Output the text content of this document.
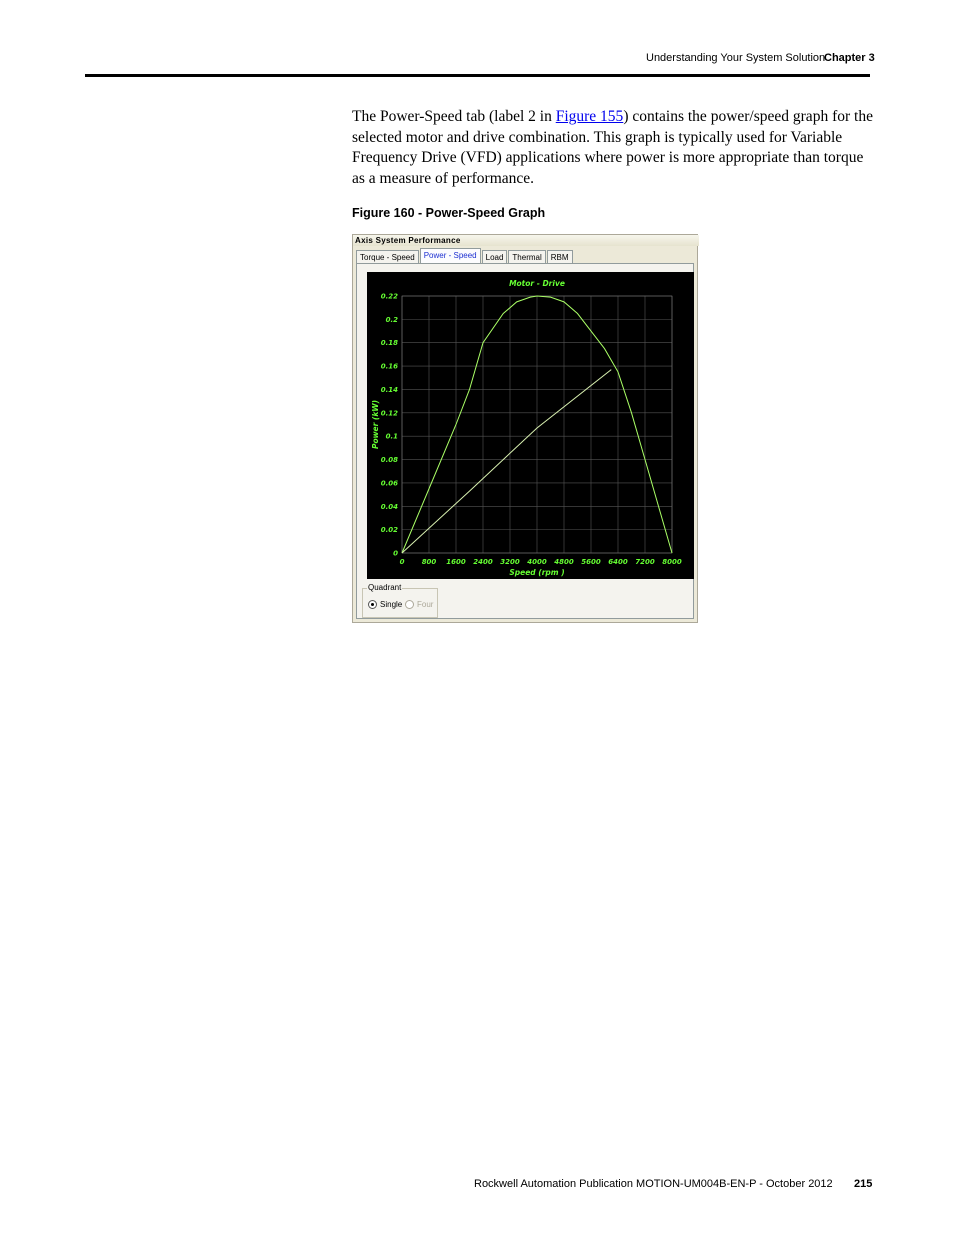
Understanding Your System Solution
Chapter 3
The Power-Speed tab (label 2 in Figure 155) contains the power/speed graph for the selected motor and drive combination. This graph is typically used for Variable Frequency Drive (VFD) applications where power is more appropriate than torque as a measure of performance.
Figure 160 - Power-Speed Graph
Axis System Performance
Torque - Speed	Power - Speed	Load	Thermal	RBM
0 800 1600 2400 3200 4000 4800 5600 6400 7200 8000
0
0.02
0.04
0.06
0.08
0.1
0.12
0.14
0.16
0.18
0.2
0.22
Motor - Drive
Speed (rpm )
Power (kW)
Quadrant
Single Four
Rockwell Automation Publication MOTION-UM004B-EN-P - October 2012 215
